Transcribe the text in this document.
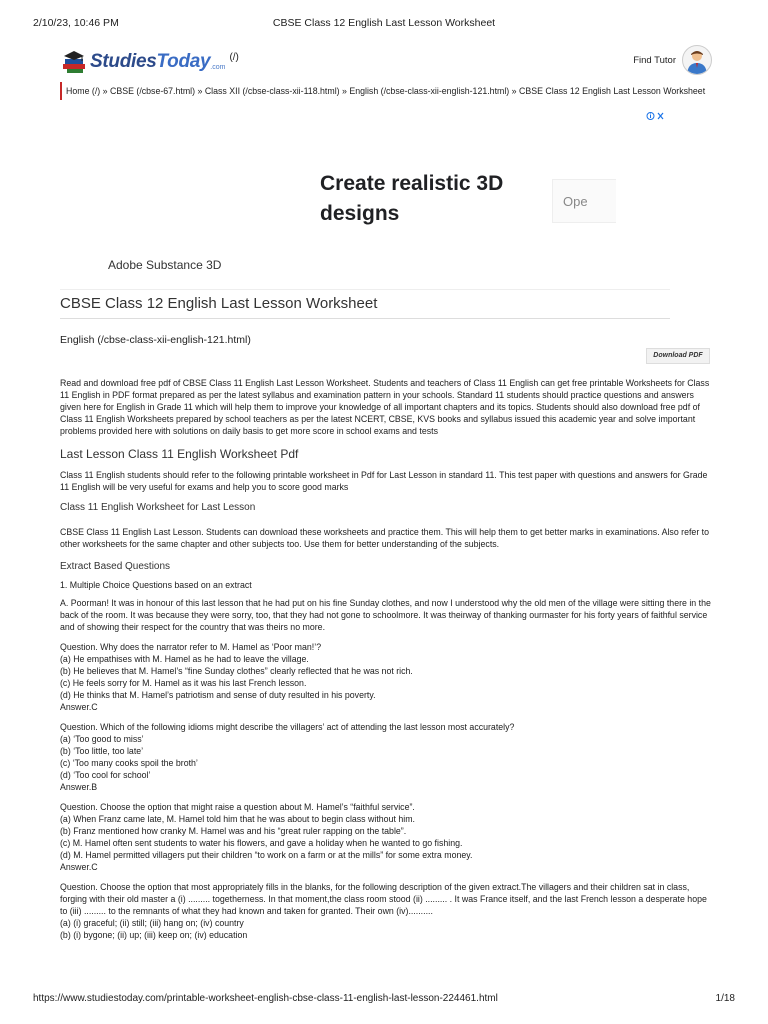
2/10/23, 10:46 PM	CBSE Class 12 English Last Lesson Worksheet
StudiesToday .com
(/)	Find Tutor
Home (/) » CBSE (/cbse-67.html) » Class XII (/cbse-class-xii-118.html) » English (/cbse-class-xii-english-121.html) » CBSE Class 12 English Last Lesson Worksheet
Create realistic 3D designs
Ope
Adobe Substance 3D
CBSE Class 12 English Last Lesson Worksheet
English (/cbse-class-xii-english-121.html)
Download PDF

Read and download free pdf of CBSE Class 11 English Last Lesson Worksheet. Students and teachers of Class 11 English can get free printable Worksheets for Class 11 English in PDF format prepared as per the latest syllabus and examination pattern in your schools. Standard 11 students should practice questions and answers given here for English in Grade 11 which will help them to improve your knowledge of all important chapters and its topics. Students should also download free pdf of Class 11 English Worksheets prepared by school teachers as per the latest NCERT, CBSE, KVS books and syllabus issued this academic year and solve important problems provided here with solutions on daily basis to get more score in school exams and tests

Last Lesson Class 11 English Worksheet Pdf

Class 11 English students should refer to the following printable worksheet in Pdf for Last Lesson in standard 11. This test paper with questions and answers for Grade 11 English will be very useful for exams and help you to score good marks

Class 11 English Worksheet for Last Lesson

CBSE Class 11 English Last Lesson. Students can download these worksheets and practice them. This will help them to get better marks in examinations. Also refer to other worksheets for the same chapter and other subjects too. Use them for better understanding of the subjects.

Extract Based Questions

1. Multiple Choice Questions based on an extract

A. Poorman! It was in honour of this last lesson that he had put on his fine Sunday clothes, and now I understood why the old men of the village were sitting there in the back of the room. It was because they were sorry, too, that they had not gone to schoolmore. It was theirway of thanking ourmaster for his forty years of faithful service and of showing their respect for the country that was theirs no more.

Question. Why does the narrator refer to M. Hamel as ‘Poor man!’?

(a) He empathises with M. Hamel as he had to leave the village.

(b) He believes that M. Hamel’s “fine Sunday clothes” clearly reflected that he was not rich.

(c) He feels sorry for M. Hamel as it was his last French lesson.

(d) He thinks that M. Hamel’s patriotism and sense of duty resulted in his poverty.

Answer.C

Question. Which of the following idioms might describe the villagers’ act of attending the last lesson most accurately?

(a) ‘Too good to miss’

(b) ‘Too little, too late’

(c) ‘Too many cooks spoil the broth’

(d) ‘Too cool for school’

Answer.B

Question. Choose the option that might raise a question about M. Hamel’s “faithful service”.

(a) When Franz came late, M. Hamel told him that he was about to begin class without him.

(b) Franz mentioned how cranky M. Hamel was and his “great ruler rapping on the table”.

(c) M. Hamel often sent students to water his flowers, and gave a holiday when he wanted to go fishing.

(d) M. Hamel permitted villagers put their children “to work on a farm or at the mills” for some extra money.

Answer.C

Question. Choose the option that most appropriately fills in the blanks, for the following description of the given extract.The villagers and their children sat in class, forging with their old master a (i) ......... togetherness. In that moment,the class room stood (ii) ......... . It was France itself, and the last French lesson a desperate hope to (iii) ......... to the remnants of what they had known and taken for granted. Their own (iv)..........

(a) (i) graceful; (ii) still; (iii) hang on; (iv) country

(b) (i) bygone; (ii) up; (iii) keep on; (iv) education

https://www.studiestoday.com/printable-worksheet-english-cbse-class-11-english-last-lesson-224461.html	1/18
